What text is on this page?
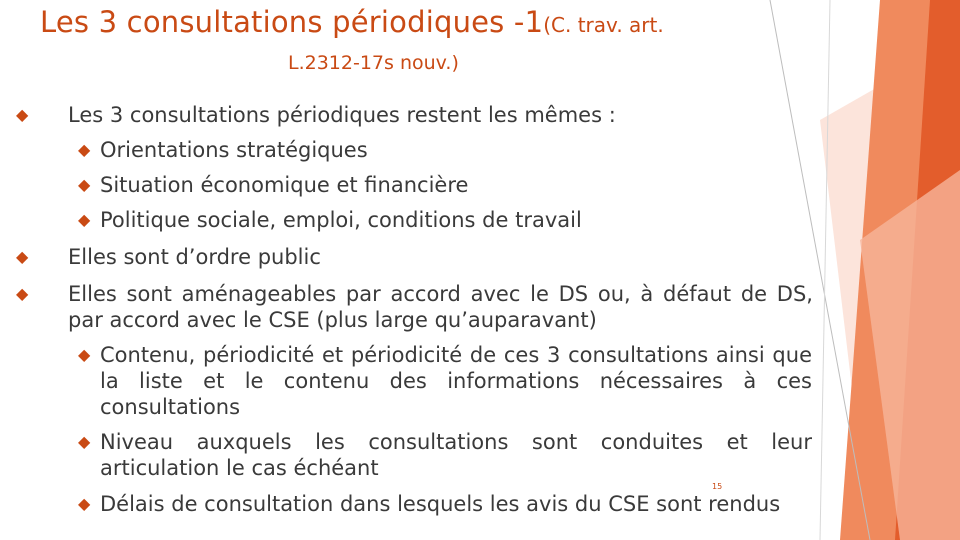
Les 3 consultations périodiques -1(C. trav. art.
L.2312-17s nouv.)
◆ Les 3 consultations périodiques restent les mêmes :
◆ Orientations stratégiques
◆ Situation économique et financière
◆ Politique sociale, emploi, conditions de travail
◆ Elles sont d’ordre public
◆ Elles sont aménageables par accord avec le DS ou, à défaut de DS, par accord avec le CSE (plus large qu’auparavant)
◆ Contenu, périodicité et périodicité de ces 3 consultations ainsi que la liste et le contenu des informations nécessaires à ces consultations
◆ Niveau auxquels les consultations sont conduites et leur articulation le cas échéant
◆ Délais de consultation dans lesquels les avis du CSE sont rendus
15
